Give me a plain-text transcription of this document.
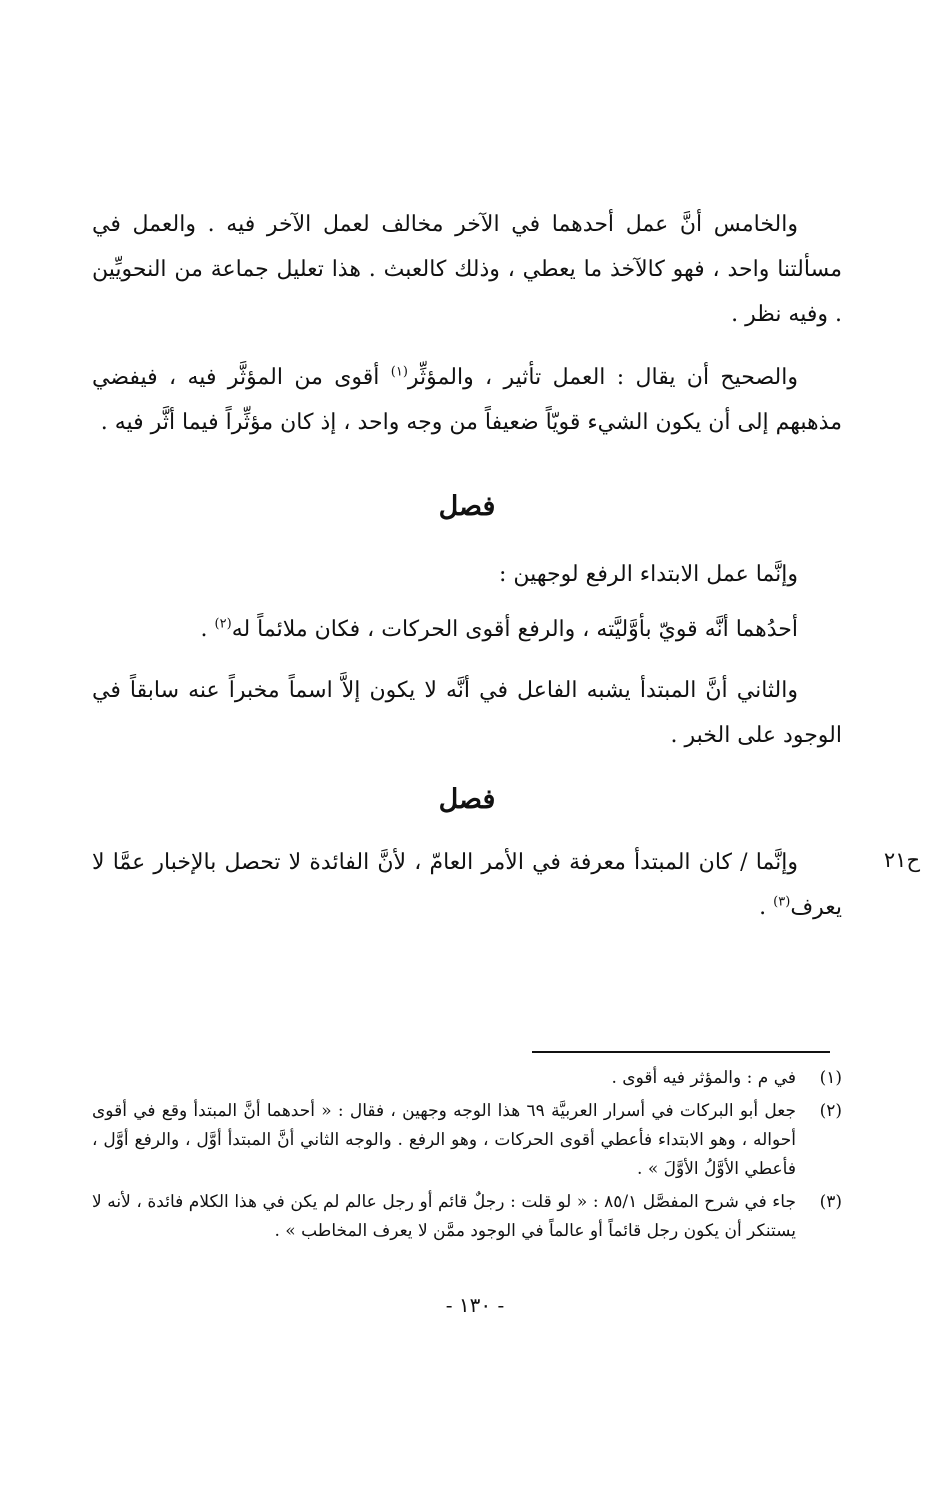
والخامس أنَّ عمل أحدهما في الآخر مخالف لعمل الآخر فيه . والعمل في مسألتنا واحد ، فهو كالآخذ ما يعطي ، وذلك كالعبث . هذا تعليل جماعة من النحويِّين . وفيه نظر .

والصحيح أن يقال : العمل تأثير ، والمؤثِّر$^{(١)}$ أقوى من المؤثَّر فيه ، فيفضي مذهبهم إلى أن يكون الشيء قويّاً ضعيفاً من وجه واحد ، إذ كان مؤثِّراً فيما أثَّر فيه .

فصل

وإنَّما عمل الابتداء الرفع لوجهين :

أحدُهما أنَّه قويّ بأوَّليَّته ، والرفع أقوى الحركات ، فكان ملائماً له$^{(٢)}$ .

والثاني أنَّ المبتدأ يشبه الفاعل في أنَّه لا يكون إلاَّ اسماً مخبراً عنه سابقاً في الوجود على الخبر .

فصل
ح٢١

وإنَّما / كان المبتدأ معرفة في الأمر العامّ ، لأنَّ الفائدة لا تحصل بالإخبار عمَّا لا يعرف$^{(٣)}$ .

(١)
في م : والمؤثر فيه أقوى .
(٢)
جعل أبو البركات في أسرار العربيَّة ٦٩ هذا الوجه وجهين ، فقال : « أحدهما أنَّ المبتدأ وقع في أقوى أحواله ، وهو الابتداء فأعطي أقوى الحركات ، وهو الرفع . والوجه الثاني أنَّ المبتدأ أوَّل ، والرفع أوَّل ، فأعطي الأوَّلُ الأوَّلَ » .
(٣)
جاء في شرح المفصَّل ٨٥/١ : « لو قلت : رجلٌ قائم أو رجل عالم لم يكن في هذا الكلام فائدة ، لأنه لا يستنكر أن يكون رجل قائماً أو عالماً في الوجود ممَّن لا يعرف المخاطب » .
- ١٣٠ -
